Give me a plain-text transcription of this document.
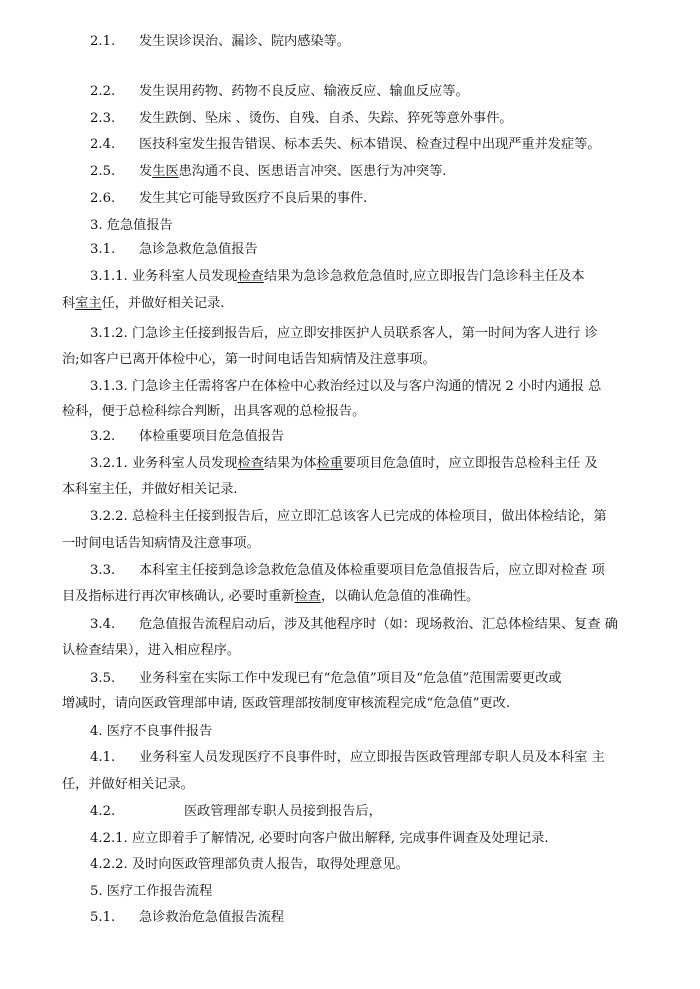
2.1. 发生误诊误治、漏诊、院内感染等。
2.2. 发生误用药物、药物不良反应、输液反应、输血反应等。
2.3. 发生跌倒、坠床 、烫伤、自残、自杀、失踪、猝死等意外事件。
2.4. 医技科室发生报告错误、标本丢失、标本错误、检查过程中出现严重并发症等。
2.5. 发生医患沟通不良、医患语言冲突、医患行为冲突等.
2.6. 发生其它可能导致医疗不良后果的事件.
3. 危急值报告
3.1. 急诊急救危急值报告
3.1.1. 业务科室人员发现检查结果为急诊急救危急值时,应立即报告门急诊科主任及本
科室主任，并做好相关记录.
3.1.2. 门急诊主任接到报告后，应立即安排医护人员联系客人，第一时间为客人进行 诊
治;如客户已离开体检中心，第一时间电话告知病情及注意事项。
3.1.3. 门急诊主任需将客户在体检中心救治经过以及与客户沟通的情况 2 小时内通报 总
检科，便于总检科综合判断，出具客观的总检报告。
3.2. 体检重要项目危急值报告
3.2.1. 业务科室人员发现检查结果为体检重要项目危急值时，应立即报告总检科主任 及
本科室主任，并做好相关记录.
3.2.2. 总检科主任接到报告后，应立即汇总该客人已完成的体检项目，做出体检结论，第
一时间电话告知病情及注意事项。
3.3. 本科室主任接到急诊急救危急值及体检重要项目危急值报告后，应立即对检查 项
目及指标进行再次审核确认, 必要时重新检查，以确认危急值的准确性。
3.4. 危急值报告流程启动后，涉及其他程序时（如：现场救治、汇总体检结果、复查 确
认检查结果），进入相应程序。
3.5. 业务科室在实际工作中发现已有“危急值”项目及“危急值”范围需要更改或
增减时，请向医政管理部申请, 医政管理部按制度审核流程完成“危急值”更改.
4. 医疗不良事件报告
4.1. 业务科室人员发现医疗不良事件时，应立即报告医政管理部专职人员及本科室 主
任，并做好相关记录。
4.2.	医政管理部专职人员接到报告后，
4.2.1. 应立即着手了解情况, 必要时向客户做出解释, 完成事件调查及处理记录.
4.2.2. 及时向医政管理部负责人报告，取得处理意见。
5. 医疗工作报告流程
5.1. 急诊救治危急值报告流程
